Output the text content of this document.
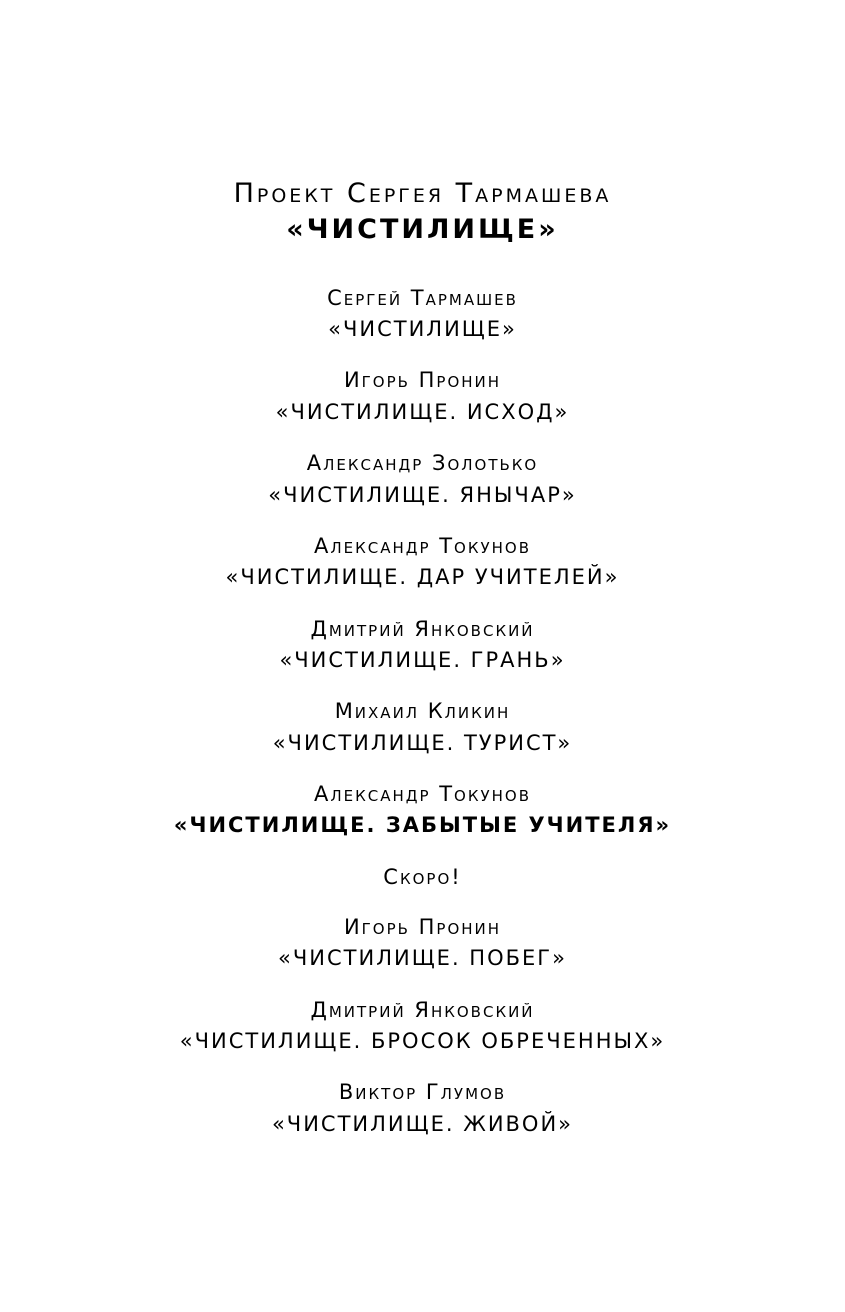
Проект Сергея Тармашева
«ЧИСТИЛИЩЕ»
Сергей Тармашев
«ЧИСТИЛИЩЕ»
Игорь Пронин
«ЧИСТИЛИЩЕ. ИСХОД»
Александр Золотько
«ЧИСТИЛИЩЕ. ЯНЫЧАР»
Александр Токунов
«ЧИСТИЛИЩЕ. ДАР УЧИТЕЛЕЙ»
Дмитрий Янковский
«ЧИСТИЛИЩЕ. ГРАНЬ»
Михаил Кликин
«ЧИСТИЛИЩЕ. ТУРИСТ»
Александр Токунов
«ЧИСТИЛИЩЕ. ЗАБЫТЫЕ УЧИТЕЛЯ»
Скоро!
Игорь Пронин
«ЧИСТИЛИЩЕ. ПОБЕГ»
Дмитрий Янковский
«ЧИСТИЛИЩЕ. БРОСОК ОБРЕЧЕННЫХ»
Виктор Глумов
«ЧИСТИЛИЩЕ. ЖИВОЙ»
